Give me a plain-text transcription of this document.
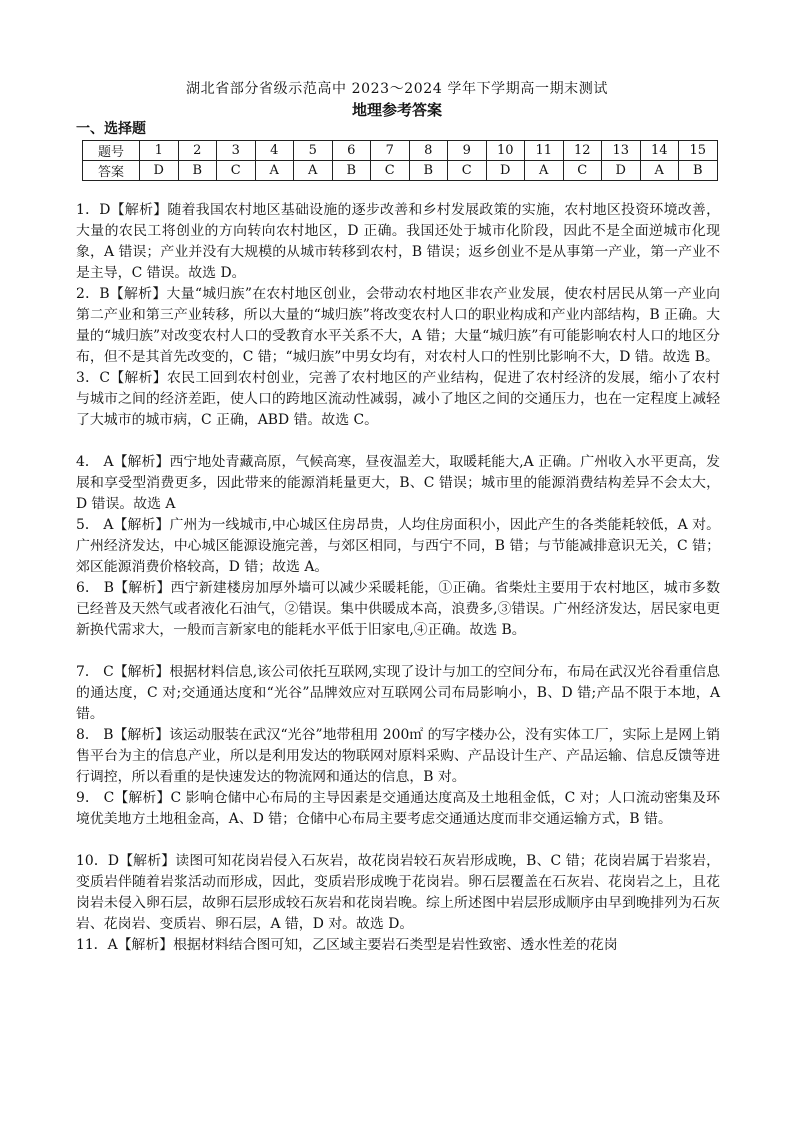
湖北省部分省级示范高中 2023～2024 学年下学期高一期末测试
地理参考答案
一、选择题
题号	1	2	3	4	5	6	7	8	9	10	11	12	13	14	15
答案	D	B	C	A	A	B	C	B	C	D	A	C	D	A	B
1．D【解析】随着我国农村地区基础设施的逐步改善和乡村发展政策的实施，农村地区投资环境改善，大量的农民工将创业的方向转向农村地区，D 正确。我国还处于城市化阶段，因此不是全面逆城市化现象，A 错误；产业并没有大规模的从城市转移到农村，B 错误；返乡创业不是从事第一产业，第一产业不是主导，C 错误。故选 D。
2．B【解析】大量“城归族”在农村地区创业，会带动农村地区非农产业发展，使农村居民从第一产业向第二产业和第三产业转移，所以大量的“城归族”将改变农村人口的职业构成和产业内部结构，B 正确。大量的“城归族”对改变农村人口的受教育水平关系不大，A 错；大量“城归族”有可能影响农村人口的地区分布，但不是其首先改变的，C 错；“城归族”中男女均有，对农村人口的性别比影响不大，D 错。故选 B。
3．C【解析】农民工回到农村创业，完善了农村地区的产业结构，促进了农村经济的发展，缩小了农村与城市之间的经济差距，使人口的跨地区流动性减弱，减小了地区之间的交通压力，也在一定程度上减轻了大城市的城市病，C 正确，ABD 错。故选 C。
4． A【解析】西宁地处青藏高原，气候高寒，昼夜温差大，取暖耗能大,A 正确。广州收入水平更高，发展和享受型消费更多，因此带来的能源消耗量更大，B、C 错误；城市里的能源消费结构差异不会太大，D 错误。故选 A
5． A【解析】广州为一线城市,中心城区住房昂贵，人均住房面积小，因此产生的各类能耗较低，A 对。广州经济发达，中心城区能源设施完善，与郊区相同，与西宁不同，B 错；与节能减排意识无关，C 错；郊区能源消费价格较高，D 错；故选 A。
6． B【解析】西宁新建楼房加厚外墙可以减少采暖耗能，①正确。省柴灶主要用于农村地区，城市多数已经普及天然气或者液化石油气，②错误。集中供暖成本高，浪费多,③错误。广州经济发达，居民家电更新换代需求大，一般而言新家电的能耗水平低于旧家电,④正确。故选 B。
7． C【解析】根据材料信息,该公司依托互联网,实现了设计与加工的空间分布，布局在武汉光谷看重信息的通达度，C 对;交通通达度和“光谷”品牌效应对互联网公司布局影响小，B、D 错;产品不限于本地，A 错。
8． B【解析】该运动服装在武汉“光谷”地带租用 200㎡ 的写字楼办公，没有实体工厂，实际上是网上销售平台为主的信息产业，所以是利用发达的物联网对原料采购、产品设计生产、产品运输、信息反馈等进行调控，所以看重的是快速发达的物流网和通达的信息，B 对。
9． C【解析】C 影响仓储中心布局的主导因素是交通通达度高及土地租金低，C 对；人口流动密集及环境优美地方土地租金高，A、D 错；仓储中心布局主要考虑交通通达度而非交通运输方式，B 错。
10．D【解析】读图可知花岗岩侵入石灰岩，故花岗岩较石灰岩形成晚，B、C 错；花岗岩属于岩浆岩，变质岩伴随着岩浆活动而形成，因此，变质岩形成晚于花岗岩。卵石层覆盖在石灰岩、花岗岩之上，且花岗岩未侵入卵石层，故卵石层形成较石灰岩和花岗岩晚。综上所述图中岩层形成顺序由早到晚排列为石灰岩、花岗岩、变质岩、卵石层，A 错，D 对。故选 D。
11．A【解析】根据材料结合图可知，乙区域主要岩石类型是岩性致密、透水性差的花岗
